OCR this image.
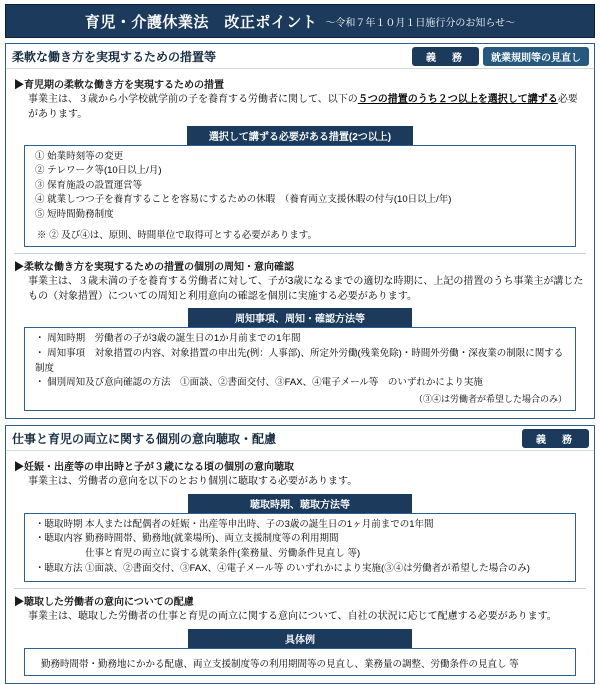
育児・介護休業法　改正ポイント ～令和７年１０月１日施行分のお知らせ～
柔軟な働き方を実現するための措置等	義　務	就業規則等の見直し
▶育児期の柔軟な働き方を実現するための措置
事業主は、３歳から小学校就学前の子を養育する労働者に関して、以下の５つの措置のうち２つ以上を選択して講ずる必要があります。
選択して講ずる必要がある措置(2つ以上)
① 始業時刻等の変更
② テレワーク等(10日以上/月)
③ 保育施設の設置運営等
④ 就業しつつ子を養育することを容易にするための休暇　（養育両立支援休暇の付与(10日以上/年)
⑤ 短時間勤務制度
※ ② 及び④は、原則、時間単位で取得可とする必要があります。
▶柔軟な働き方を実現するための措置の個別の周知・意向確認
事業主は、３歳未満の子を養育する労働者に対して、子が3歳になるまでの適切な時期に、上記の措置のうち事業主が講じたもの（対象措置）についての周知と利用意向の確認を個別に実施する必要があります。
周知事項、周知・確認方法等
・ 周知時期　労働者の子が3歳の誕生日の1か月前までの1年間
・ 周知事項　対象措置の内容、対象措置の申出先(例：人事部)、所定外労働(残業免除)・時間外労働・深夜業の制限に関する制度
・ 個別周知及び意向確認の方法　①面談、②書面交付、③FAX、④電子メール等　のいずれかにより実施
（③④は労働者が希望した場合のみ）
仕事と育児の両立に関する個別の意向聴取・配慮	義　務
▶妊娠・出産等の申出時と子が３歳になる頃の個別の意向聴取
事業主は、労働者の意向を以下のとおり個別に聴取する必要があります。
聴取時期、聴取方法等
・聴取時期 本人または配偶者の妊娠・出産等申出時、子の3歳の誕生日の1ヶ月前までの1年間
・聴取内容 勤務時間帯、勤務地(就業場所)、両立支援制度等の利用期間
　　　　　 仕事と育児の両立に資する就業条件(業務量、労働条件見直し 等)
・聴取方法 ①面談、②書面交付、③FAX、④電子メール等 のいずれかにより実施(③④は労働者が希望した場合のみ)
▶聴取した労働者の意向についての配慮
事業主は、聴取した労働者の仕事と育児の両立に関する意向について、自社の状況に応じて配慮する必要があります。
具体例
勤務時間帯・勤務地にかかる配慮、両立支援制度等の利用期間等の見直し、業務量の調整、労働条件の見直し 等
